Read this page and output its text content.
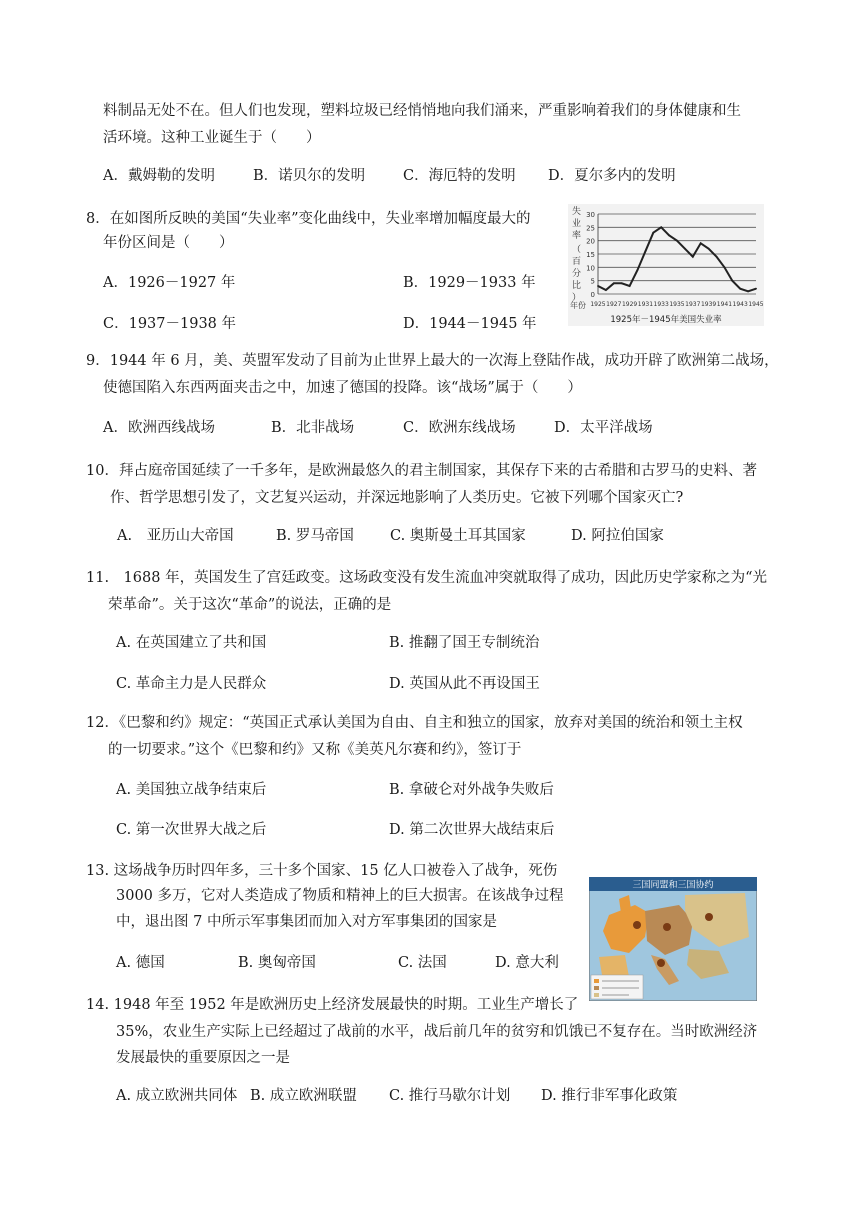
料制品无处不在。但人们也发现，塑料垃圾已经悄悄地向我们涌来，严重影响着我们的身体健康和生
活环境。这种工业诞生于（　　）
A．戴姆勒的发明	B．诺贝尔的发明	C．海厄特的发明 D．夏尔多内的发明
8．在如图所反映的美国“失业率”变化曲线中，失业率增加幅度最大的
年份区间是（　　）
A．1926－1927 年	B．1929－1933 年
C．1937－1938 年	D．1944－1945 年
30
25
20
15
10
5
0
1925 1927 1929 1931 1933 1935 1937 1939 1941 1943 1945
失
业
率
（
百
分
比
）
年份
1925年－1945年美国失业率
9．1944 年 6 月，美、英盟军发动了目前为止世界上最大的一次海上登陆作战，成功开辟了欧洲第二战场，
使德国陷入东西两面夹击之中，加速了德国的投降。该“战场”属于（　　）
A．欧洲西线战场	B．北非战场	C．欧洲东线战场	D．太平洋战场
10．拜占庭帝国延续了一千多年，是欧洲最悠久的君主制国家，其保存下来的古希腊和古罗马的史料、著
作、哲学思想引发了，文艺复兴运动，并深远地影响了人类历史。它被下列哪个国家灭亡?
A.　亚历山大帝国	B. 罗马帝国 C. 奥斯曼土耳其国家	D. 阿拉伯国家
11.　1688 年，英国发生了宫廷政变。这场政变没有发生流血冲突就取得了成功，因此历史学家称之为“光
荣革命”。关于这次“革命”的说法，正确的是
A. 在英国建立了共和国	B. 推翻了国王专制统治
C. 革命主力是人民群众	D. 英国从此不再设国王
12．《巴黎和约》规定：“英国正式承认美国为自由、自主和独立的国家，放弃对美国的统治和领土主权
的一切要求。”这个《巴黎和约》又称《美英凡尔赛和约》，签订于
A. 美国独立战争结束后	B. 拿破仑对外战争失败后
C. 第一次世界大战之后	D. 第二次世界大战结束后
13. 这场战争历时四年多，三十多个国家、15 亿人口被卷入了战争，死伤
3000 多万，它对人类造成了物质和精神上的巨大损害。在该战争过程
中，退出图 7 中所示军事集团而加入对方军事集团的国家是
A. 德国	B. 奥匈帝国	C. 法国	D. 意大利
三国同盟和三国协约
14. 1948 年至 1952 年是欧洲历史上经济发展最快的时期。工业生产增长了
35%，农业生产实际上已经超过了战前的水平，战后前几年的贫穷和饥饿已不复存在。当时欧洲经济
发展最快的重要原因之一是
A. 成立欧洲共同体 B. 成立欧洲联盟 C. 推行马歇尔计划 D. 推行非军事化政策
